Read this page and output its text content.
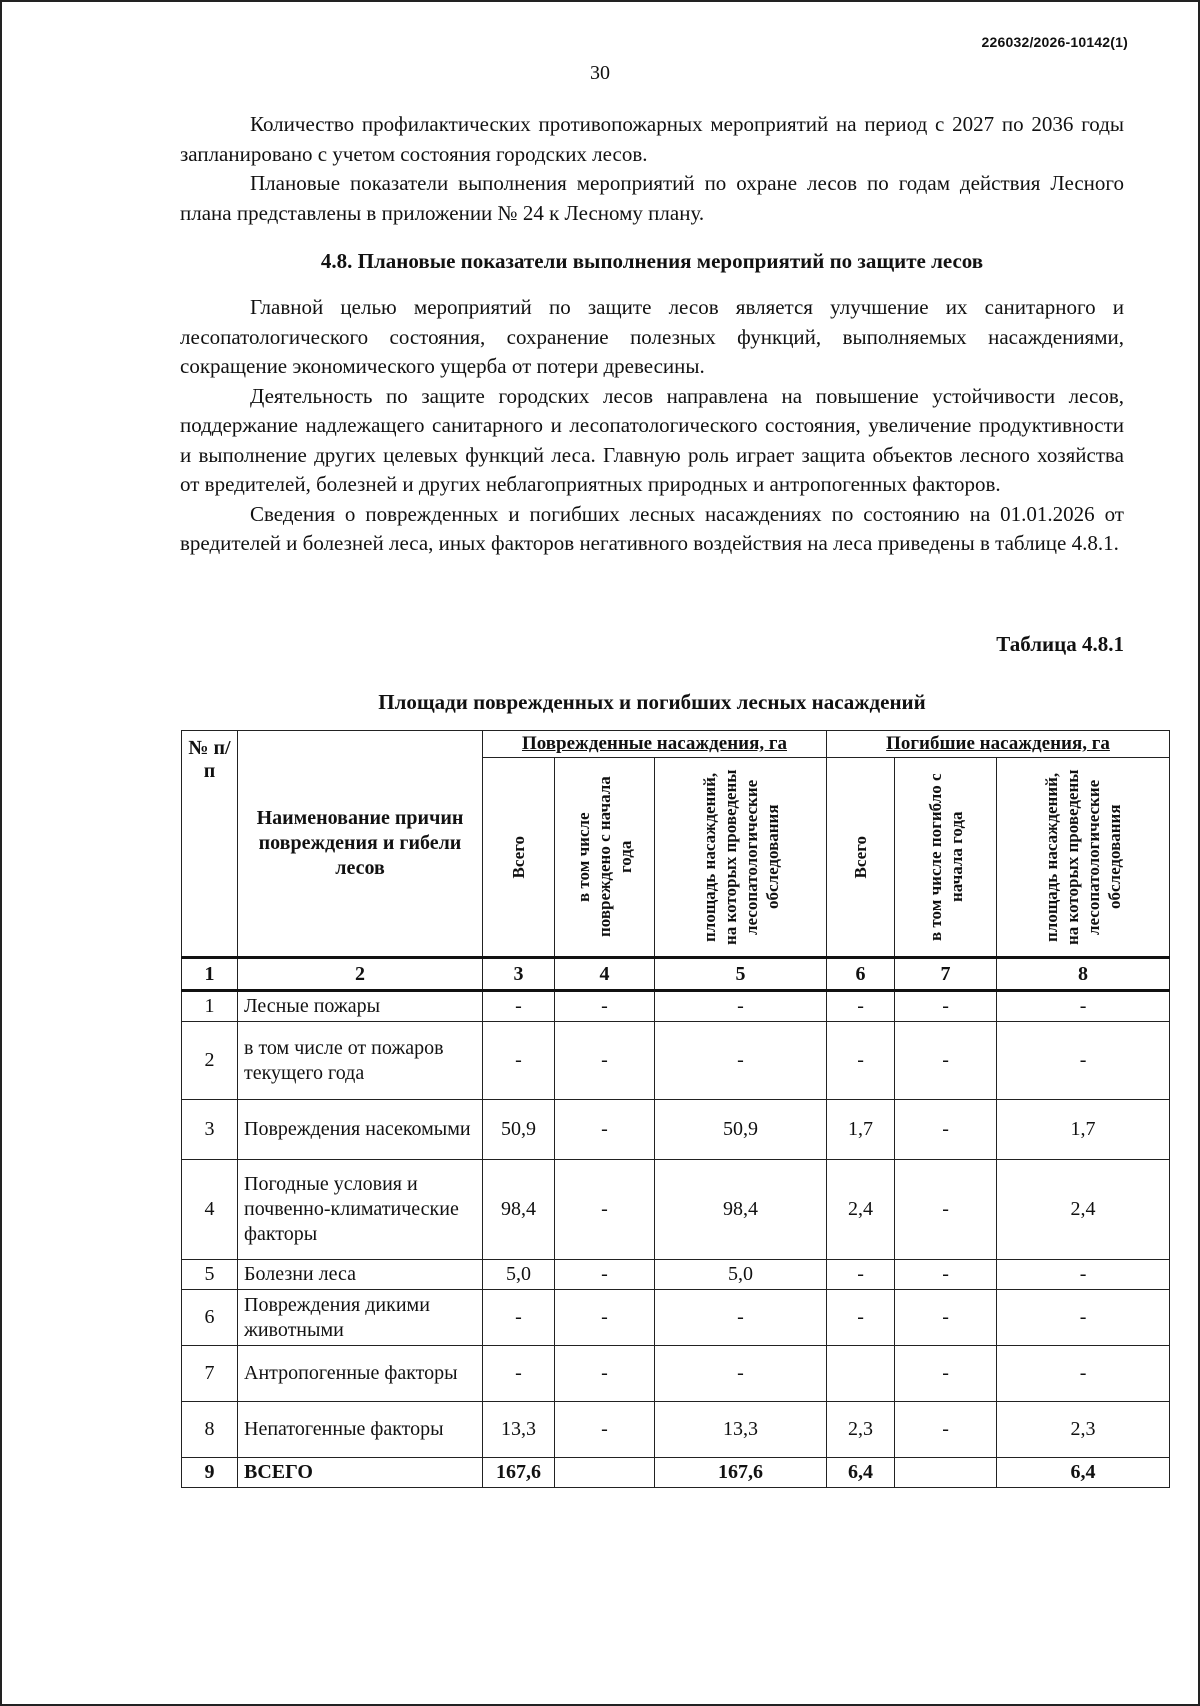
226032/2026-10142(1)
30

Количество профилактических противопожарных мероприятий на период с 2027 по 2036 годы запланировано с учетом состояния городских лесов.

Плановые показатели выполнения мероприятий по охране лесов по годам действия Лесного плана представлены в приложении № 24 к Лесному плану.

4.8. Плановые показатели выполнения мероприятий по защите лесов

Главной целью мероприятий по защите лесов является улучшение их санитарного и лесопатологического состояния, сохранение полезных функций, выполняемых насаждениями, сокращение экономического ущерба от потери древесины.

Деятельность по защите городских лесов направлена на повышение устойчивости лесов, поддержание надлежащего санитарного и лесопатологического состояния, увеличение продуктивности и выполнение других целевых функций леса. Главную роль играет защита объектов лесного хозяйства от вредителей, болезней и других неблагоприятных природных и антропогенных факторов.

Сведения о поврежденных и погибших лесных насаждениях по состоянию на 01.01.2026 от вредителей и болезней леса, иных факторов негативного воздействия на леса приведены в таблице 4.8.1.

Таблица 4.8.1
Площади поврежденных и погибших лесных насаждений
№ п/п	Наименование причин повреждения и гибели лесов	Поврежденные насаждения, га			Погибшие насаждения, га		

		Всего	в том числе повреждено с начала года	площадь насаждений, на которых проведены лесопатологические обследования	Всего	в том числе погибло с начала года	площадь насаждений, на которых проведены лесопатологические обследования

1	2	3	4	5	6	7	8
1	Лесные пожары	-	-	-	-	-	-
2	в том числе от пожаров текущего года	-	-	-	-	-	-
3	Повреждения насекомыми	50,9	-	50,9	1,7	-	1,7
4	Погодные условия и почвенно-климатические факторы	98,4	-	98,4	2,4	-	2,4
5	Болезни леса	5,0	-	5,0	-	-	-
6	Повреждения дикими животными	-	-	-	-	-	-
7	Антропогенные факторы	-	-	-		-	-
8	Непатогенные факторы	13,3	-	13,3	2,3	-	2,3
9	ВСЕГО	167,6		167,6	6,4		6,4
